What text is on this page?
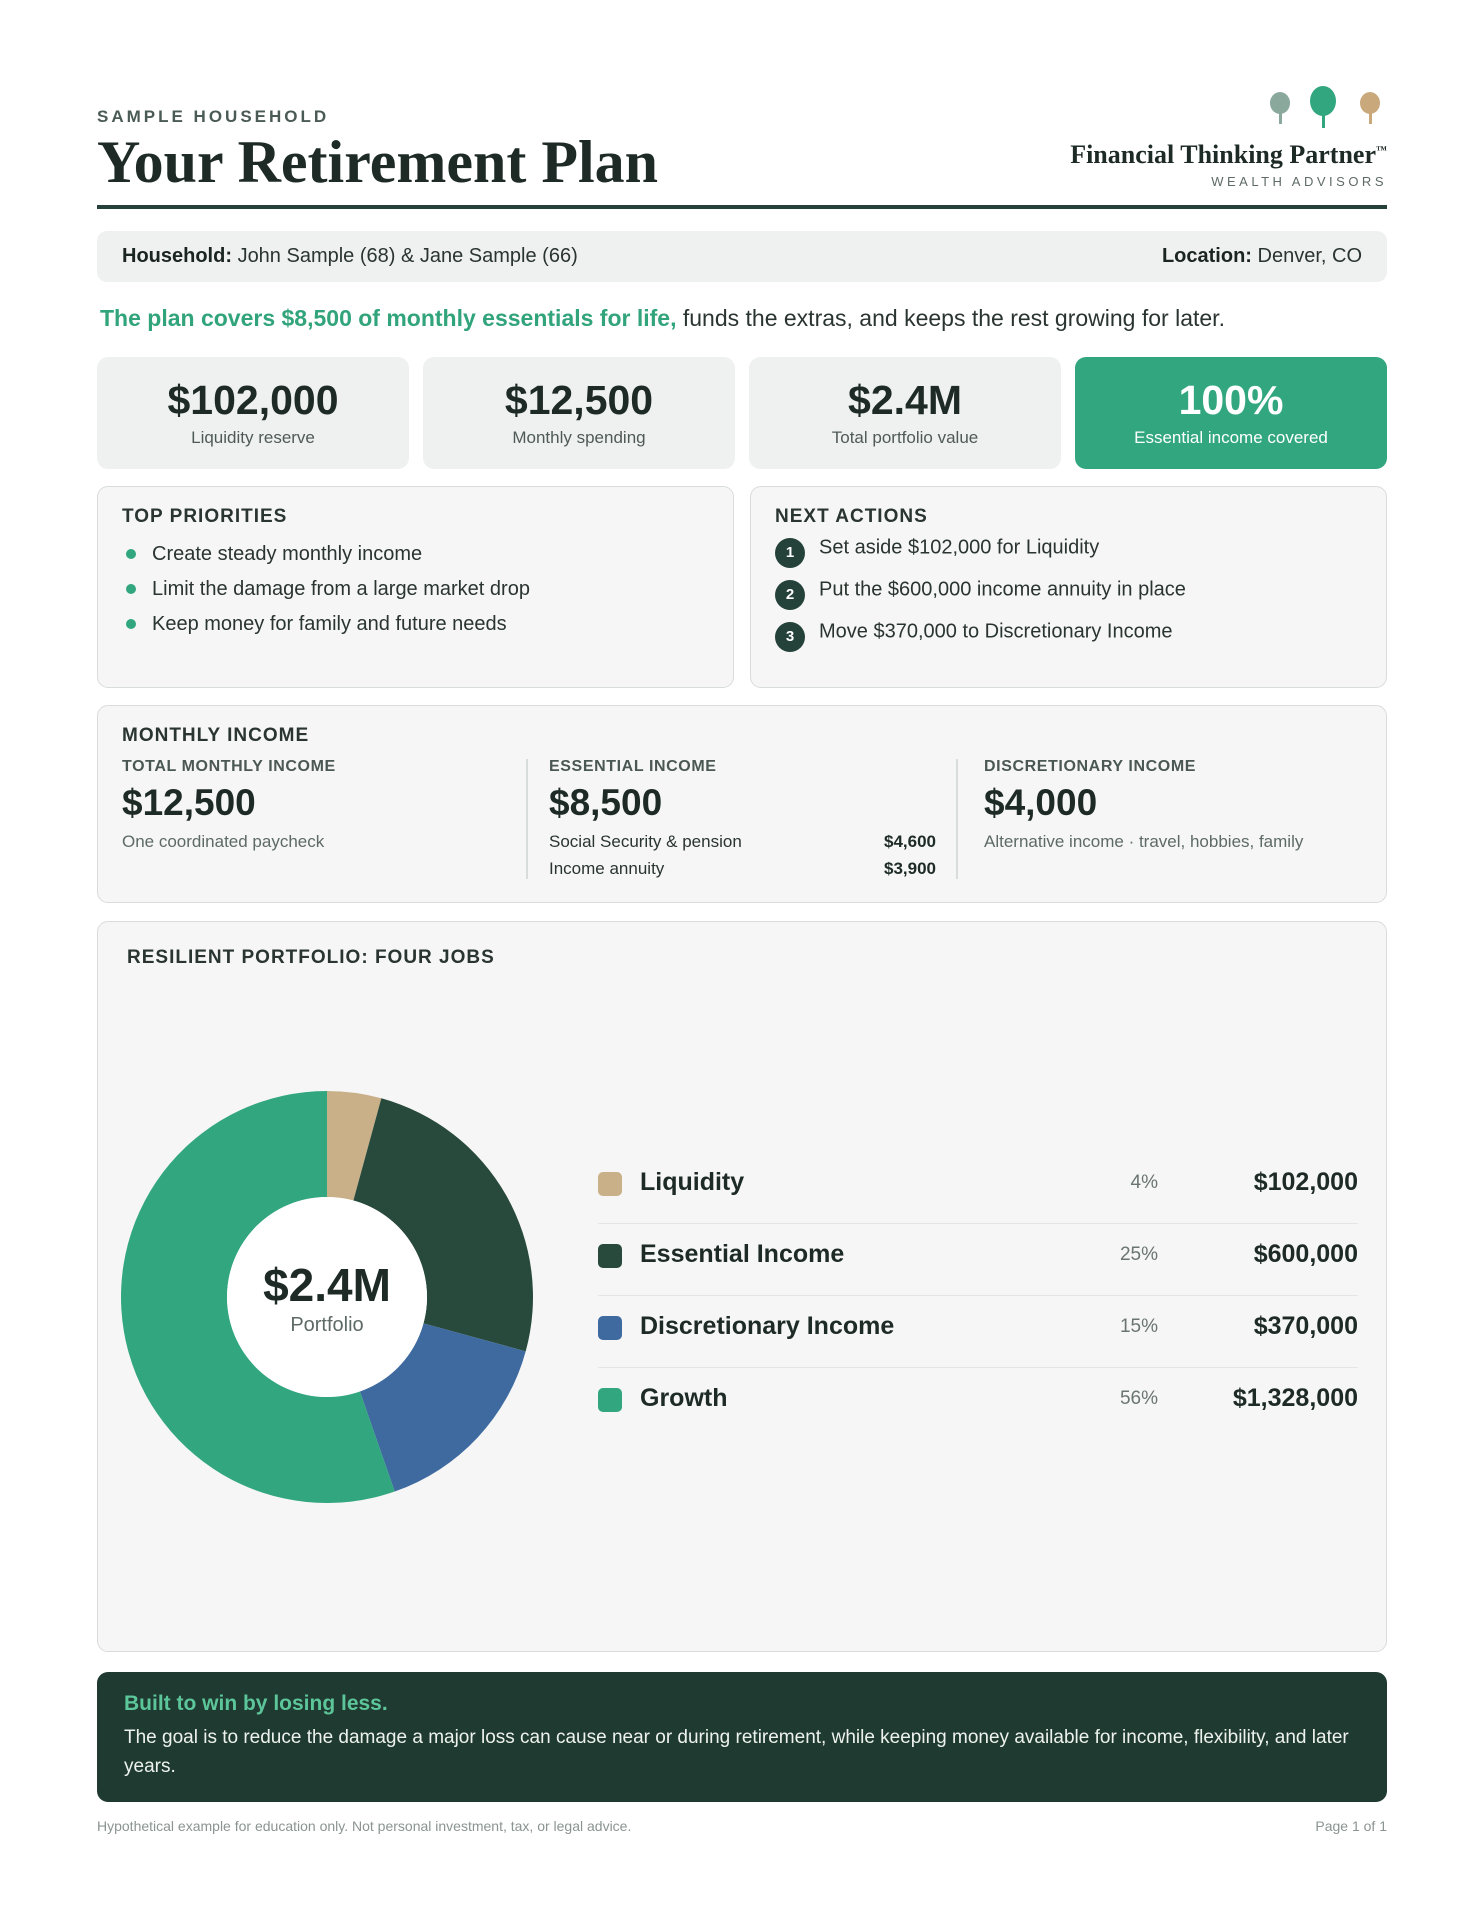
SAMPLE HOUSEHOLD
Your Retirement Plan	Financial Thinking Partner™
WEALTH ADVISORS
Household: John Sample (68) & Jane Sample (66)	Location: Denver, CO
The plan covers $8,500 of monthly essentials for life, funds the extras, and keeps the rest growing for later.
$102,000
Liquidity reserve
$12,500
Monthly spending
$2.4M
Total portfolio value
100%
Essential income covered
TOP PRIORITIES
Create steady monthly income
Limit the damage from a large market drop
Keep money for family and future needs
NEXT ACTIONS
1 Set aside $102,000 for Liquidity
2 Put the $600,000 income annuity in place
3 Move $370,000 to Discretionary Income
MONTHLY INCOME
TOTAL MONTHLY INCOME
$12,500
One coordinated paycheck
ESSENTIAL INCOME
$8,500
Social Security & pension	$4,600
Income annuity	$3,900
DISCRETIONARY INCOME
$4,000
Alternative income · travel, hobbies, family
RESILIENT PORTFOLIO: FOUR JOBS
$2.4M
Portfolio
Liquidity	4%	$102,000
Essential Income	25%	$600,000
Discretionary Income	15%	$370,000
Growth	56%	$1,328,000
Built to win by losing less.
The goal is to reduce the damage a major loss can cause near or during retirement, while keeping money available for income, flexibility, and later years.
Hypothetical example for education only. Not personal investment, tax, or legal advice.	Page 1 of 1
